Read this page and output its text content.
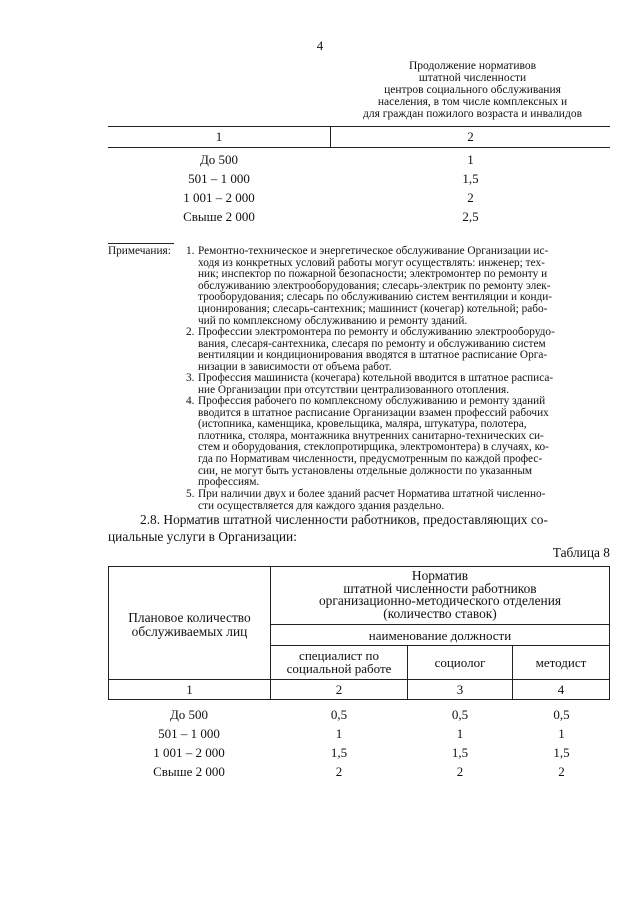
4
Продолжение нормативов
штатной численности
центров социального обслуживания
населения, в том числе комплексных и
для граждан пожилого возраста и инвалидов
1	2
До 500	1
501 – 1 000	1,5
1 001 – 2 000	2
Свыше 2 000	2,5
Примечания:	1. Ремонтно-техническое и энергетическое обслуживание Организации ис-
ходя из конкретных условий работы могут осуществлять: инженер; тех-
ник; инспектор по пожарной безопасности; электромонтер по ремонту и
обслуживанию электрооборудования; слесарь-электрик по ремонту элек-
трооборудования; слесарь по обслуживанию систем вентиляции и конди-
ционирования; слесарь-сантехник; машинист (кочегар) котельной; рабо-
чий по комплексному обслуживанию и ремонту зданий.
2. Профессии электромонтера по ремонту и обслуживанию электрооборудо-
вания, слесаря-сантехника, слесаря по ремонту и обслуживанию систем
вентиляции и кондиционирования вводятся в штатное расписание Орга-
низации в зависимости от объема работ.
3. Профессия машиниста (кочегара) котельной вводится в штатное расписа-
ние Организации при отсутствии централизованного отопления.
4. Профессия рабочего по комплексному обслуживанию и ремонту зданий
вводится в штатное расписание Организации взамен профессий рабочих
(истопника, каменщика, кровельщика, маляра, штукатура, полотера,
плотника, столяра, монтажника внутренних санитарно-технических си-
стем и оборудования, стеклопротирщика, электромонтера) в случаях, ко-
гда по Нормативам численности, предусмотренным по каждой профес-
сии, не могут быть установлены отдельные должности по указанным
профессиям.
5. При наличии двух и более зданий расчет Норматива штатной численно-
сти осуществляется для каждого здания раздельно.
2.8. Норматив штатной численности работников, предоставляющих со-
циальные услуги в Организации:
Таблица 8
Плановое количество
обслуживаемых лиц
Норматив
штатной численности работников
организационно-методического отделения
(количество ставок)
наименование должности
специалист по
социальной работе	социолог	методист
1	2	3	4
До 500	0,5	0,5	0,5
501 – 1 000	1	1	1
1 001 – 2 000	1,5	1,5	1,5
Свыше 2 000	2	2	2
